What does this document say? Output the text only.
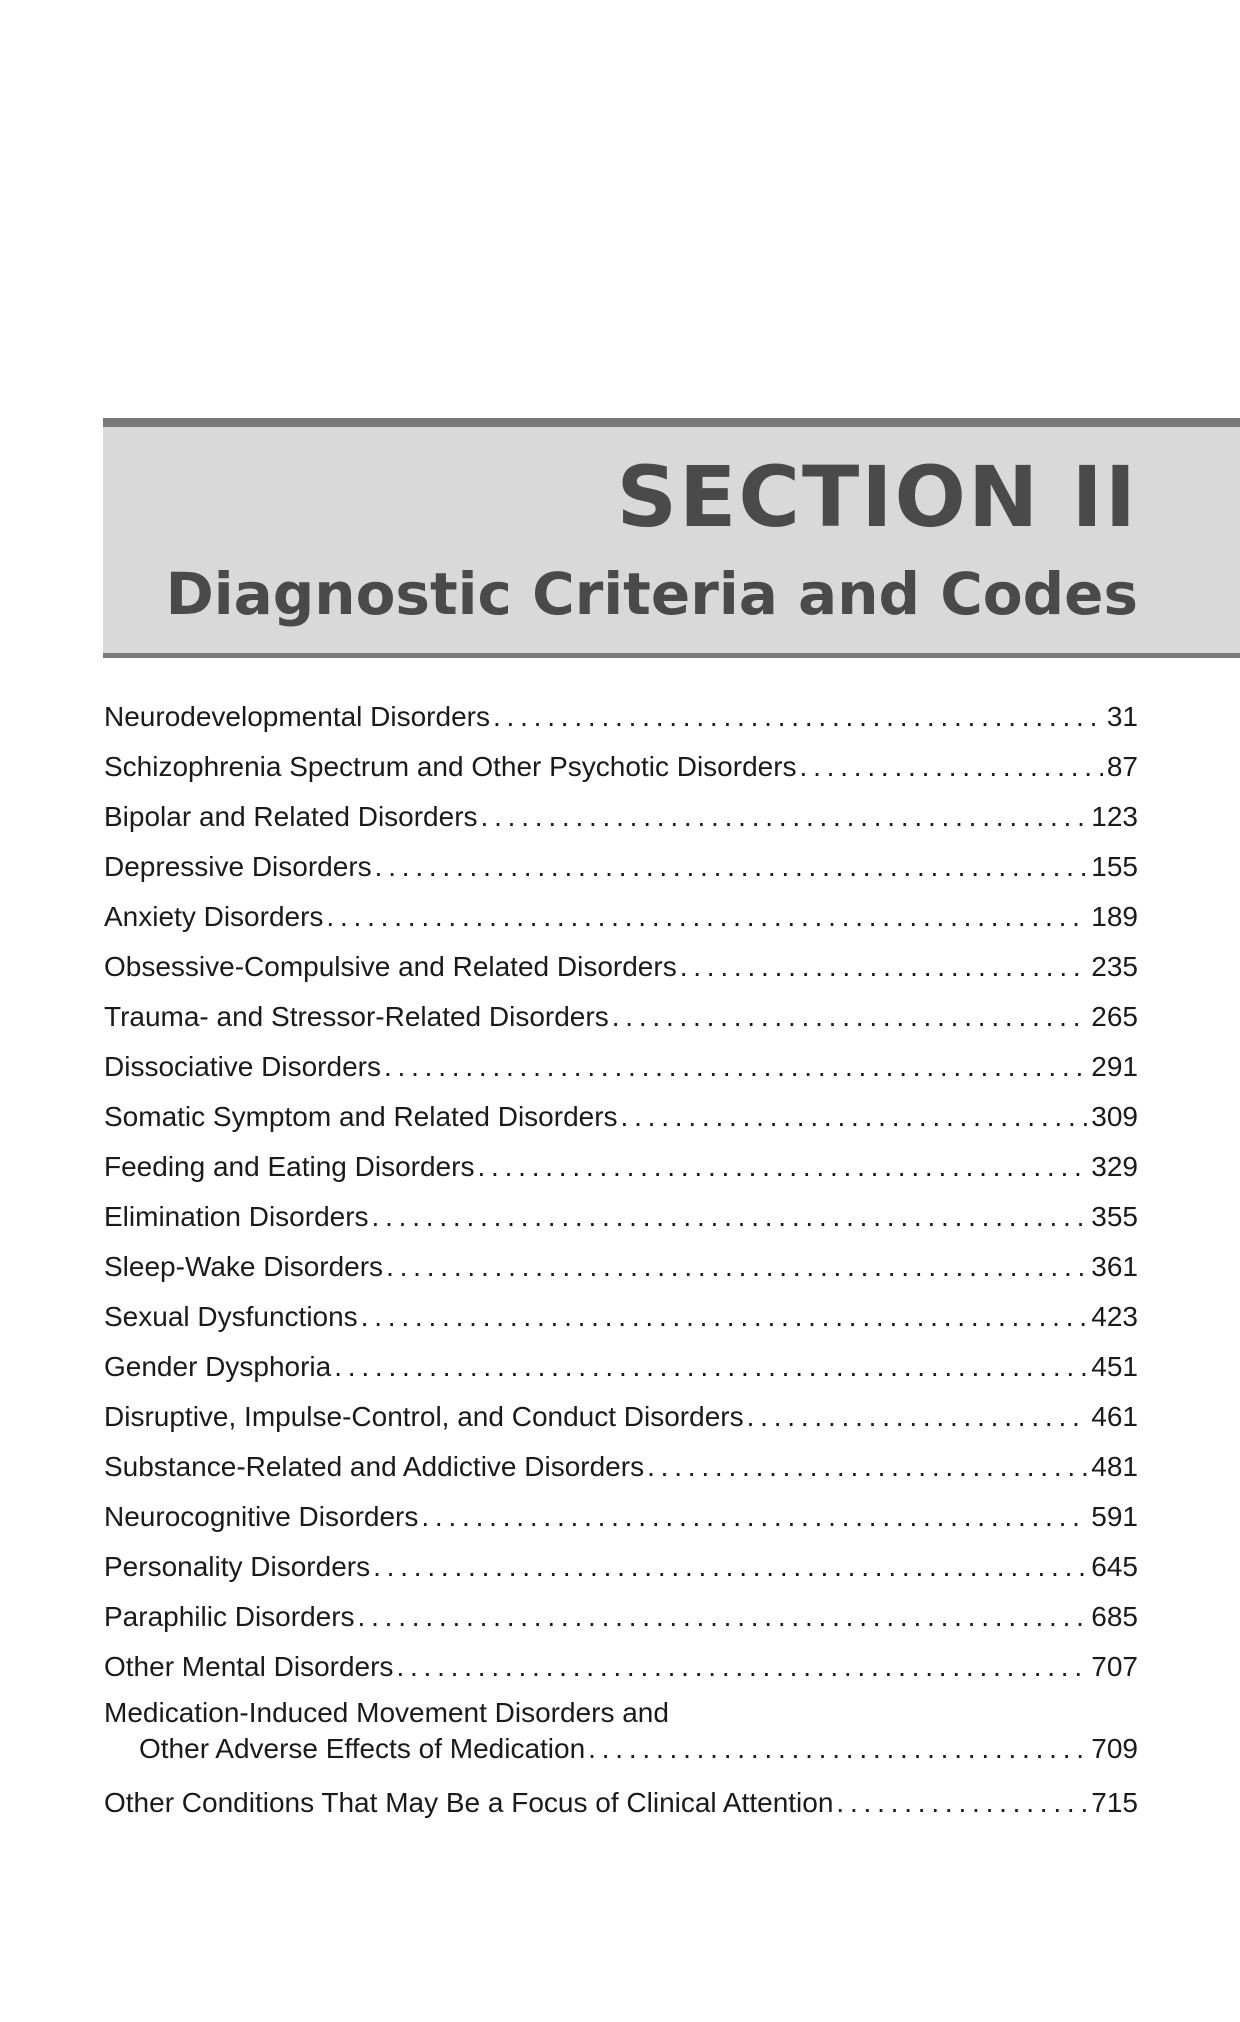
SECTION II
Diagnostic Criteria and Codes
Neurodevelopmental Disorders . . .	31
Schizophrenia Spectrum and Other Psychotic Disorders . . .	87
Bipolar and Related Disorders . . .	123
Depressive Disorders . . .	155
Anxiety Disorders . . .	189
Obsessive-Compulsive and Related Disorders . . .	235
Trauma- and Stressor-Related Disorders . . .	265
Dissociative Disorders . . .	291
Somatic Symptom and Related Disorders . . .	309
Feeding and Eating Disorders . . .	329
Elimination Disorders . . .	355
Sleep-Wake Disorders . . .	361
Sexual Dysfunctions . . .	423
Gender Dysphoria . . .	451
Disruptive, Impulse-Control, and Conduct Disorders . . .	461
Substance-Related and Addictive Disorders . . .	481
Neurocognitive Disorders . . .	591
Personality Disorders . . .	645
Paraphilic Disorders . . .	685
Other Mental Disorders . . .	707
Medication-Induced Movement Disorders and
Other Adverse Effects of Medication . . .	709
Other Conditions That May Be a Focus of Clinical Attention . . .	715
